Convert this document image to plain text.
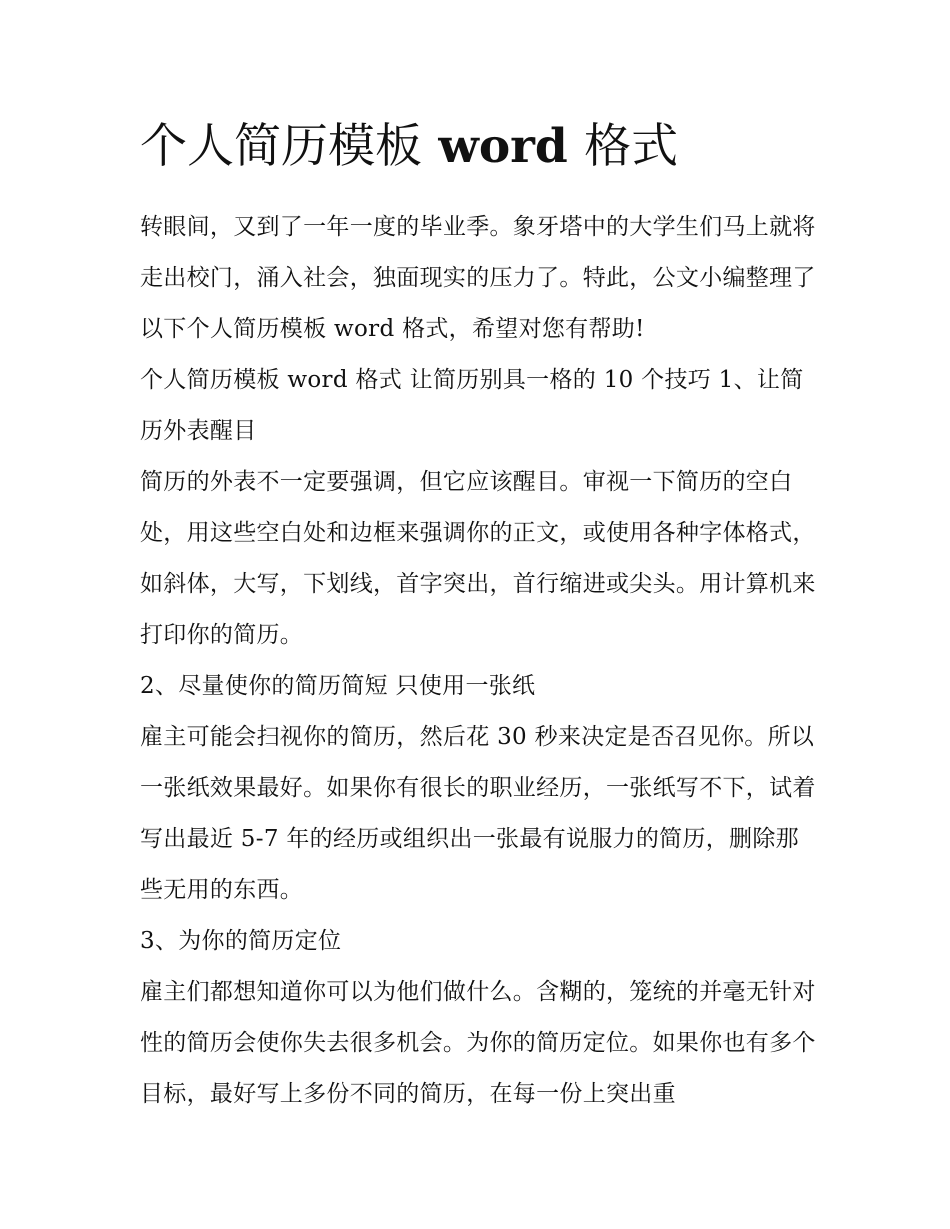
个人简历模板 word 格式

转眼间，又到了一年一度的毕业季。象牙塔中的大学生们马上就将走出校门，涌入社会，独面现实的压力了。特此，公文小编整理了以下个人简历模板 word 格式，希望对您有帮助!

个人简历模板 word 格式 让简历别具一格的 10 个技巧 1、让简历外表醒目

简历的外表不一定要强调，但它应该醒目。审视一下简历的空白处，用这些空白处和边框来强调你的正文，或使用各种字体格式，如斜体，大写，下划线，首字突出，首行缩进或尖头。用计算机来打印你的简历。

2、尽量使你的简历简短 只使用一张纸

雇主可能会扫视你的简历，然后花 30 秒来决定是否召见你。所以一张纸效果最好。如果你有很长的职业经历，一张纸写不下，试着写出最近 5-7 年的经历或组织出一张最有说服力的简历，删除那些无用的东西。

3、为你的简历定位

雇主们都想知道你可以为他们做什么。含糊的，笼统的并毫无针对性的简历会使你失去很多机会。为你的简历定位。如果你也有多个目标，最好写上多份不同的简历，在每一份上突出重
